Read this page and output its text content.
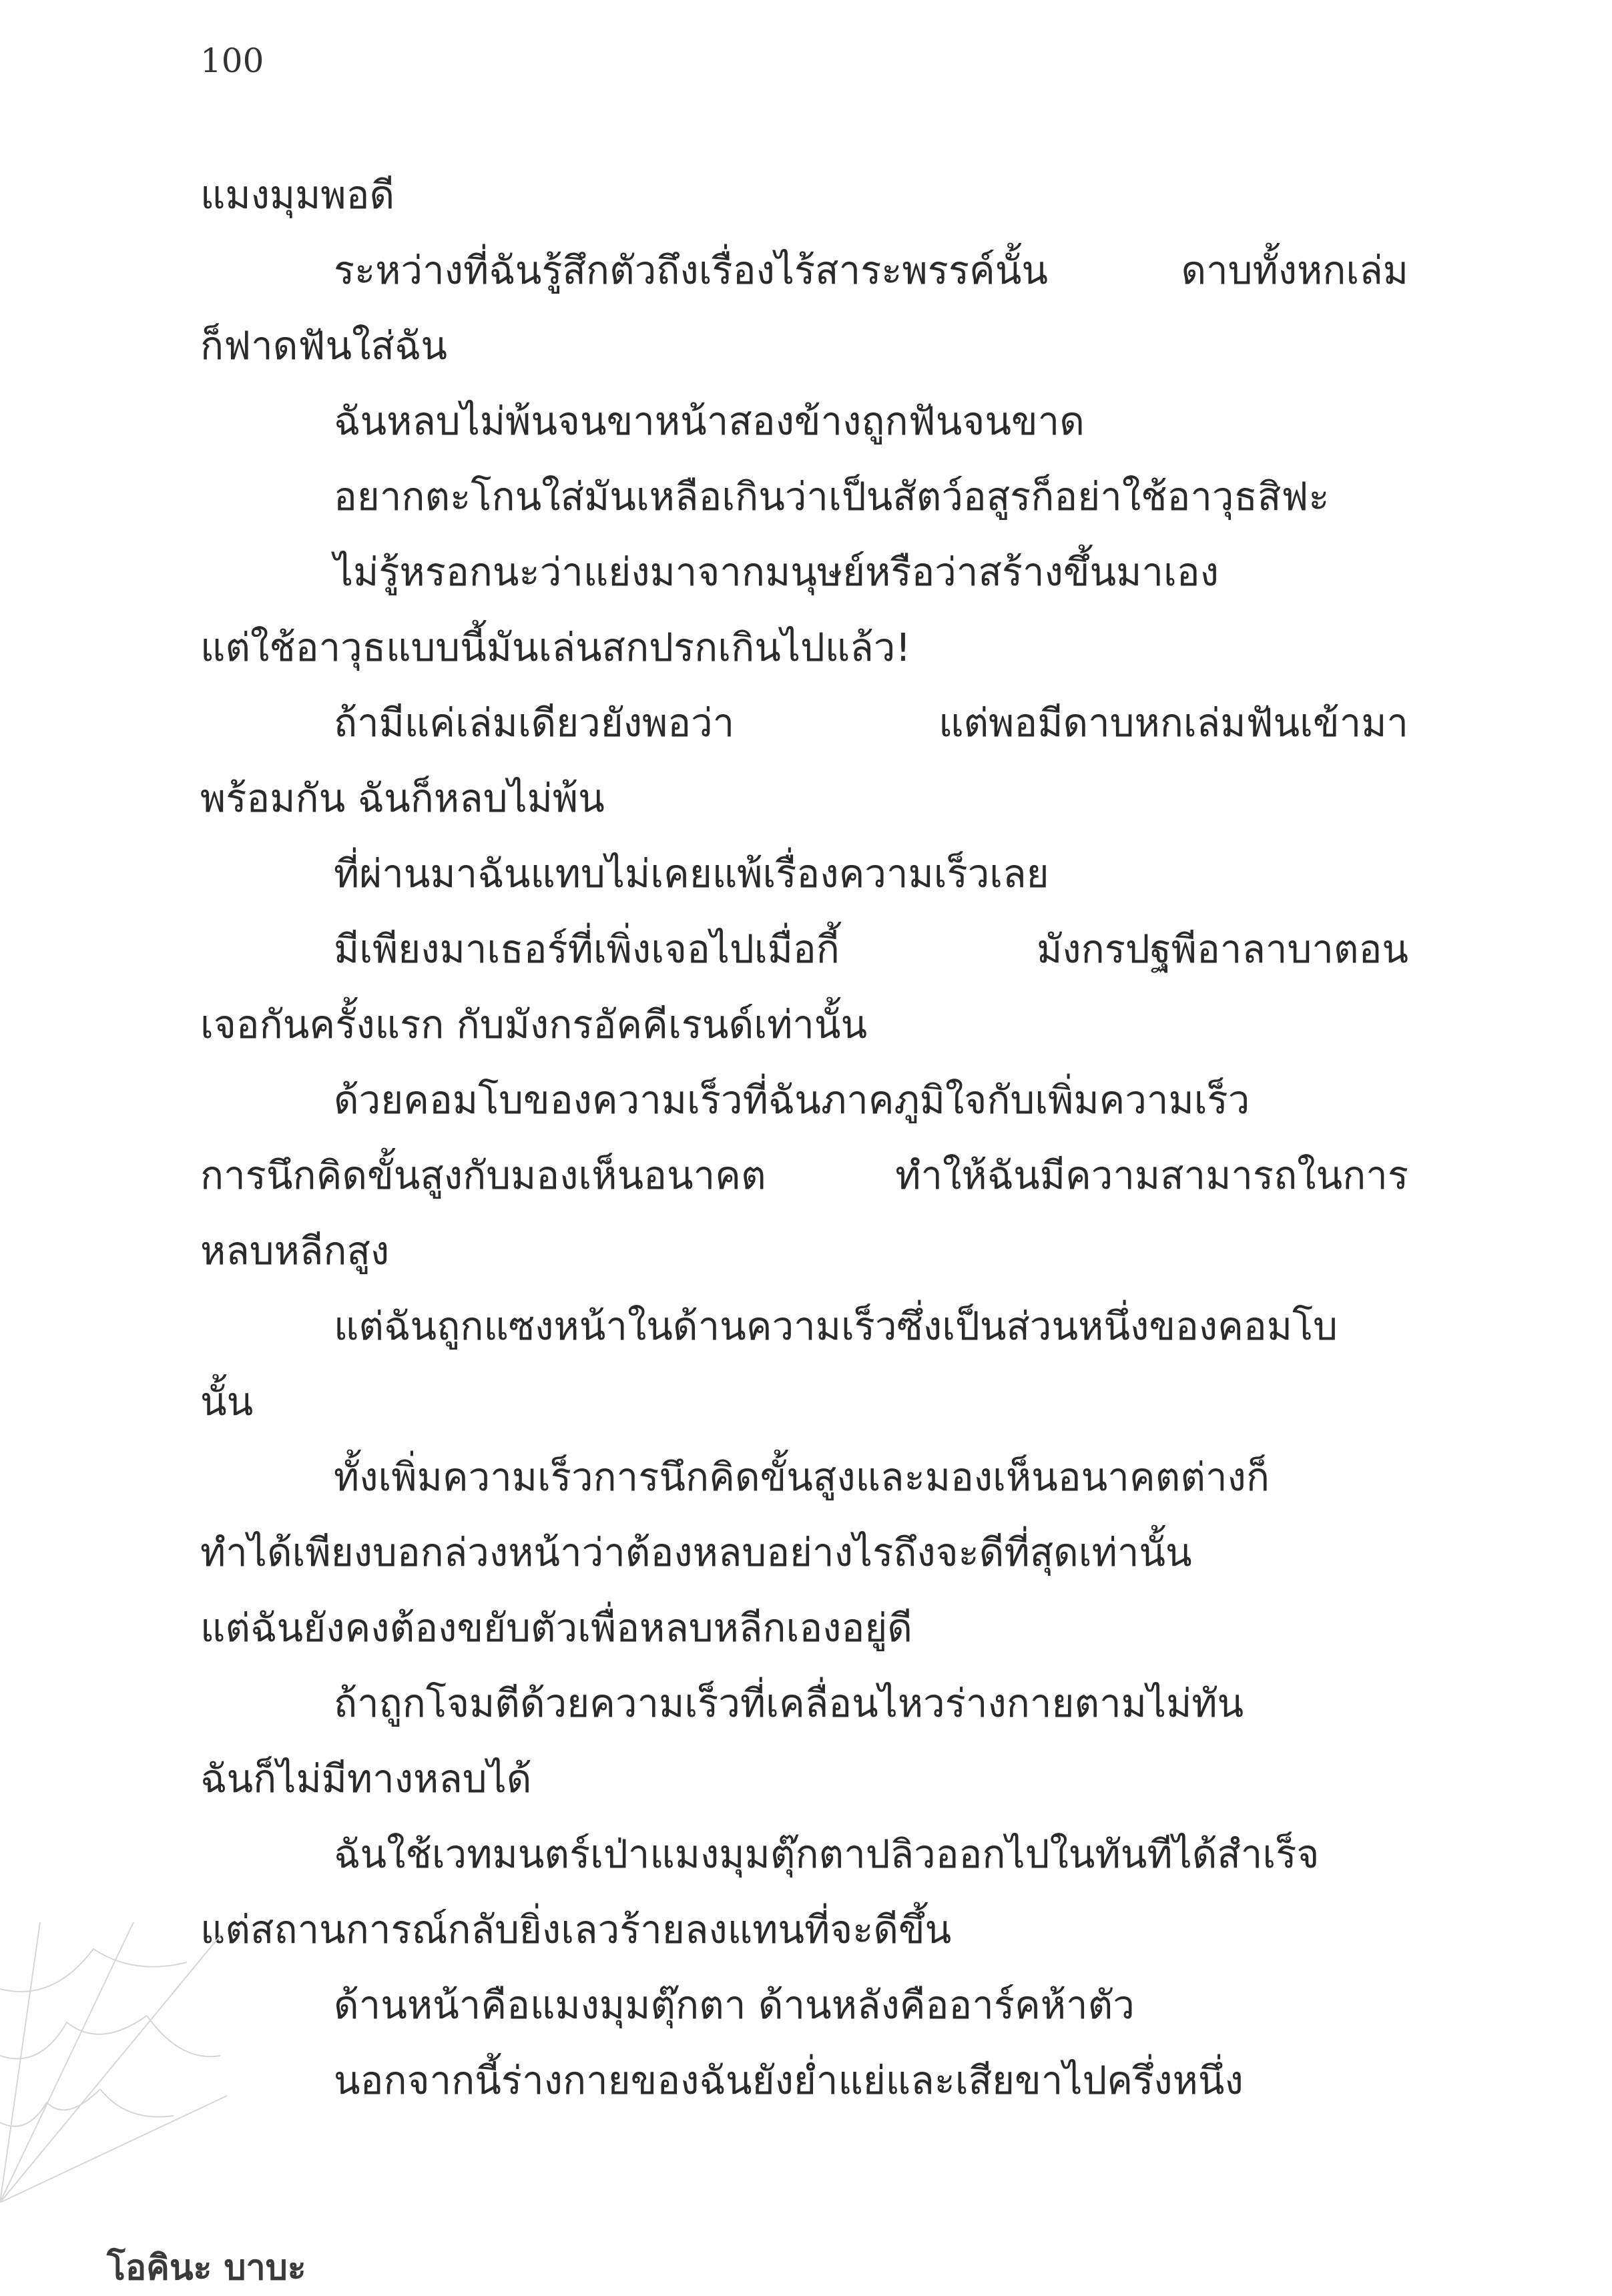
100
แมงมุมพอดี
ระหว่างที่ฉันรู้สึกตัวถึงเรื่องไร้สาระพรรค์นั้น ดาบทั้งหกเล่ม
ก็ฟาดฟันใส่ฉัน
ฉันหลบไม่พ้นจนขาหน้าสองข้างถูกฟันจนขาด
อยากตะโกนใส่มันเหลือเกินว่าเป็นสัตว์อสูรก็อย่าใช้อาวุธสิฟะ
ไม่รู้หรอกนะว่าแย่งมาจากมนุษย์หรือว่าสร้างขึ้นมาเอง
แต่ใช้อาวุธแบบนี้มันเล่นสกปรกเกินไปแล้ว!
ถ้ามีแค่เล่มเดียวยังพอว่า แต่พอมีดาบหกเล่มฟันเข้ามา
พร้อมกัน ฉันก็หลบไม่พ้น
ที่ผ่านมาฉันแทบไม่เคยแพ้เรื่องความเร็วเลย
มีเพียงมาเธอร์ที่เพิ่งเจอไปเมื่อกี้ มังกรปฐพีอาลาบาตอน
เจอกันครั้งแรก กับมังกรอัคคีเรนด์เท่านั้น
ด้วยคอมโบของความเร็วที่ฉันภาคภูมิใจกับเพิ่มความเร็ว
การนึกคิดขั้นสูงกับมองเห็นอนาคต ทำให้ฉันมีความสามารถในการ
หลบหลีกสูง
แต่ฉันถูกแซงหน้าในด้านความเร็วซึ่งเป็นส่วนหนึ่งของคอมโบ
นั้น
ทั้งเพิ่มความเร็วการนึกคิดขั้นสูงและมองเห็นอนาคตต่างก็
ทำได้เพียงบอกล่วงหน้าว่าต้องหลบอย่างไรถึงจะดีที่สุดเท่านั้น
แต่ฉันยังคงต้องขยับตัวเพื่อหลบหลีกเองอยู่ดี
ถ้าถูกโจมตีด้วยความเร็วที่เคลื่อนไหวร่างกายตามไม่ทัน
ฉันก็ไม่มีทางหลบได้
ฉันใช้เวทมนตร์เป่าแมงมุมตุ๊กตาปลิวออกไปในทันทีได้สำเร็จ
แต่สถานการณ์กลับยิ่งเลวร้ายลงแทนที่จะดีขึ้น
ด้านหน้าคือแมงมุมตุ๊กตา ด้านหลังคืออาร์คห้าตัว
นอกจากนี้ร่างกายของฉันยังย่ำแย่และเสียขาไปครึ่งหนึ่ง
โอคินะ บาบะ
